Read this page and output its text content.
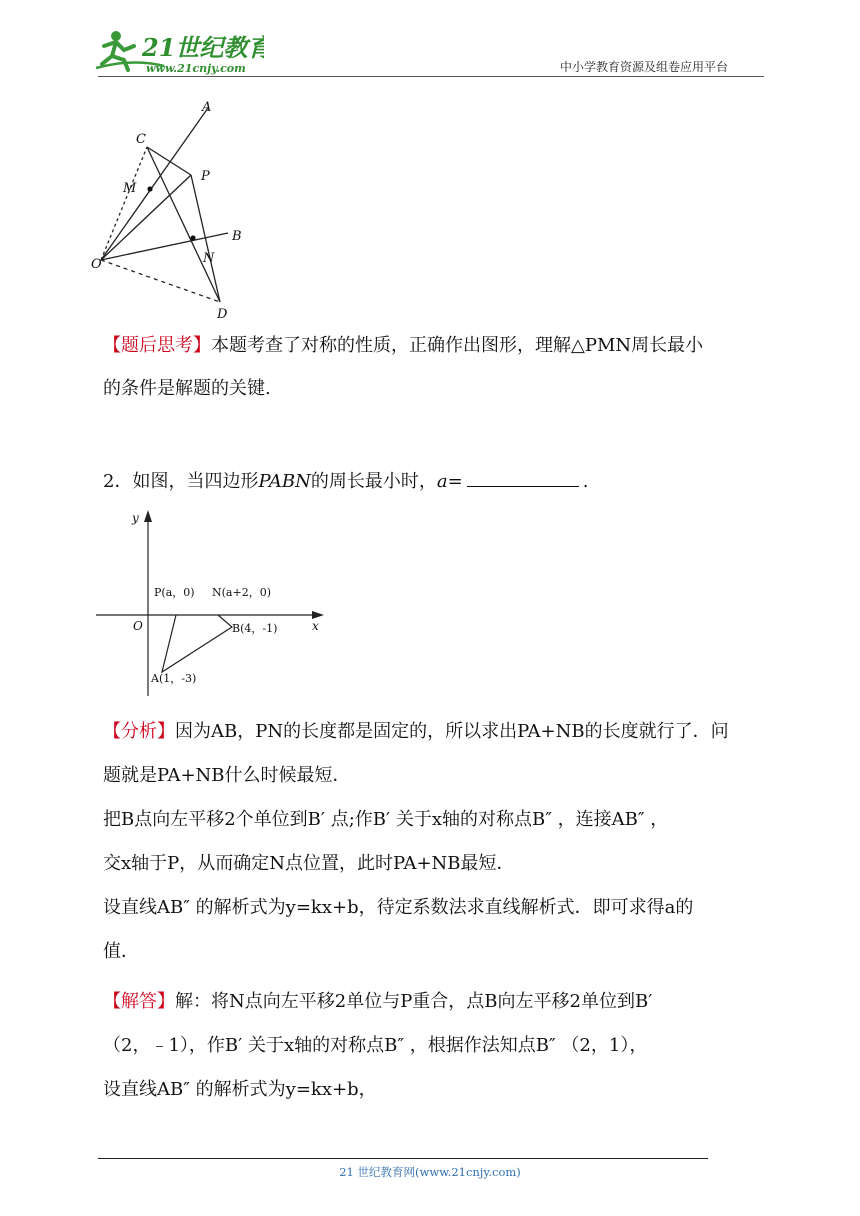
21世纪教育
www.21cnjy.com	中小学教育资源及组卷应用平台
A
B
C
P
M
N
O
D
【题后思考】本题考查了对称的性质，正确作出图形，理解△PMN周长最小
的条件是解题的关键.
2．如图，当四边形PABN的周长最小时，a=	.
y
x
O
P(a，0) N(a+2，0)
B(4，-1)
A(1，-3)
【分析】因为AB，PN的长度都是固定的，所以求出PA+NB的长度就行了．问
题就是PA+NB什么时候最短．
把B点向左平移2个单位到B′ 点;作B′ 关于x轴的对称点B″ ，连接AB″ ，
交x轴于P，从而确定N点位置，此时PA+NB最短．
设直线AB″ 的解析式为y=kx+b，待定系数法求直线解析式．即可求得a的
值．
【解答】解：将N点向左平移2单位与P重合，点B向左平移2单位到B′
（2，﹣1），作B′ 关于x轴的对称点B″ ，根据作法知点B″ （2，1），
设直线AB″ 的解析式为y=kx+b，
21 世纪教育网(www.21cnjy.com)
